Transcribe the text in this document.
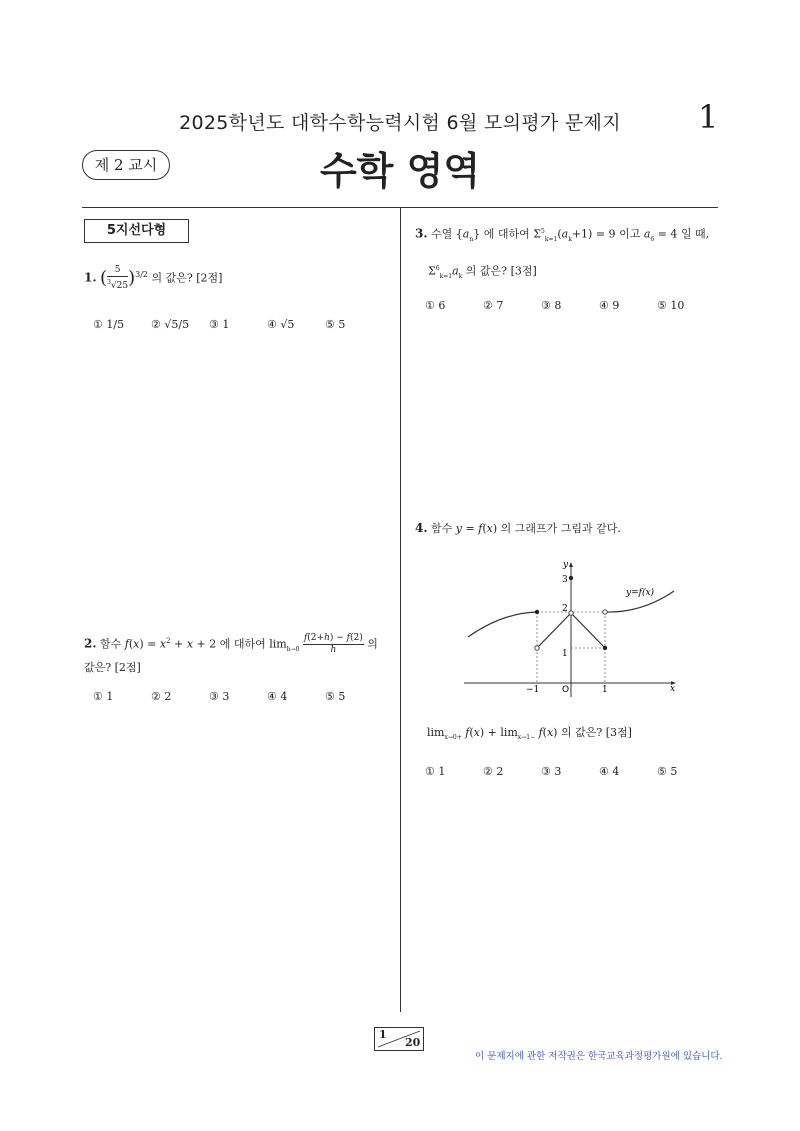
2025학년도 대학수학능력시험 6월 모의평가 문제지	1
제 2 교시	수학 영역
5지선다형
1. ( $\frac{5}{^3√25} )^{3/2}$ 의 값은? [2점]
① 1/5	② √5/5	③ 1	④ √5	⑤ 5
2. 함수 $f(x) = x^2 + x + 2$ 에 대하여 $\lim_{h\to 0} \frac{f(2+h) - f(2)}{h}$ 의
값은? [2점]
① 1	② 2	③ 3	④ 4	⑤ 5
3. 수열 $\{a_n\}$ 에 대하여 $\Sigma^5_{k=1}(a_k+1) = 9$ 이고 $a_6 = 4$ 일 때,
$\Sigma^6_{k=1}a_k$ 의 값은? [3점]
① 6	② 7	③ 8	④ 9	⑤ 10
4. 함수 y = f(x) 의 그래프가 그림과 같다.
y
x
O
y=f(x)
3
2
1
−1	1
$\lim_{x\to 0+} f(x) + \lim_{x\to 1-} f(x)$ 의 값은? [3점]
① 1	② 2	③ 3	④ 4	⑤ 5
1
20
이 문제지에 관한 저작권은 한국교육과정평가원에 있습니다.
